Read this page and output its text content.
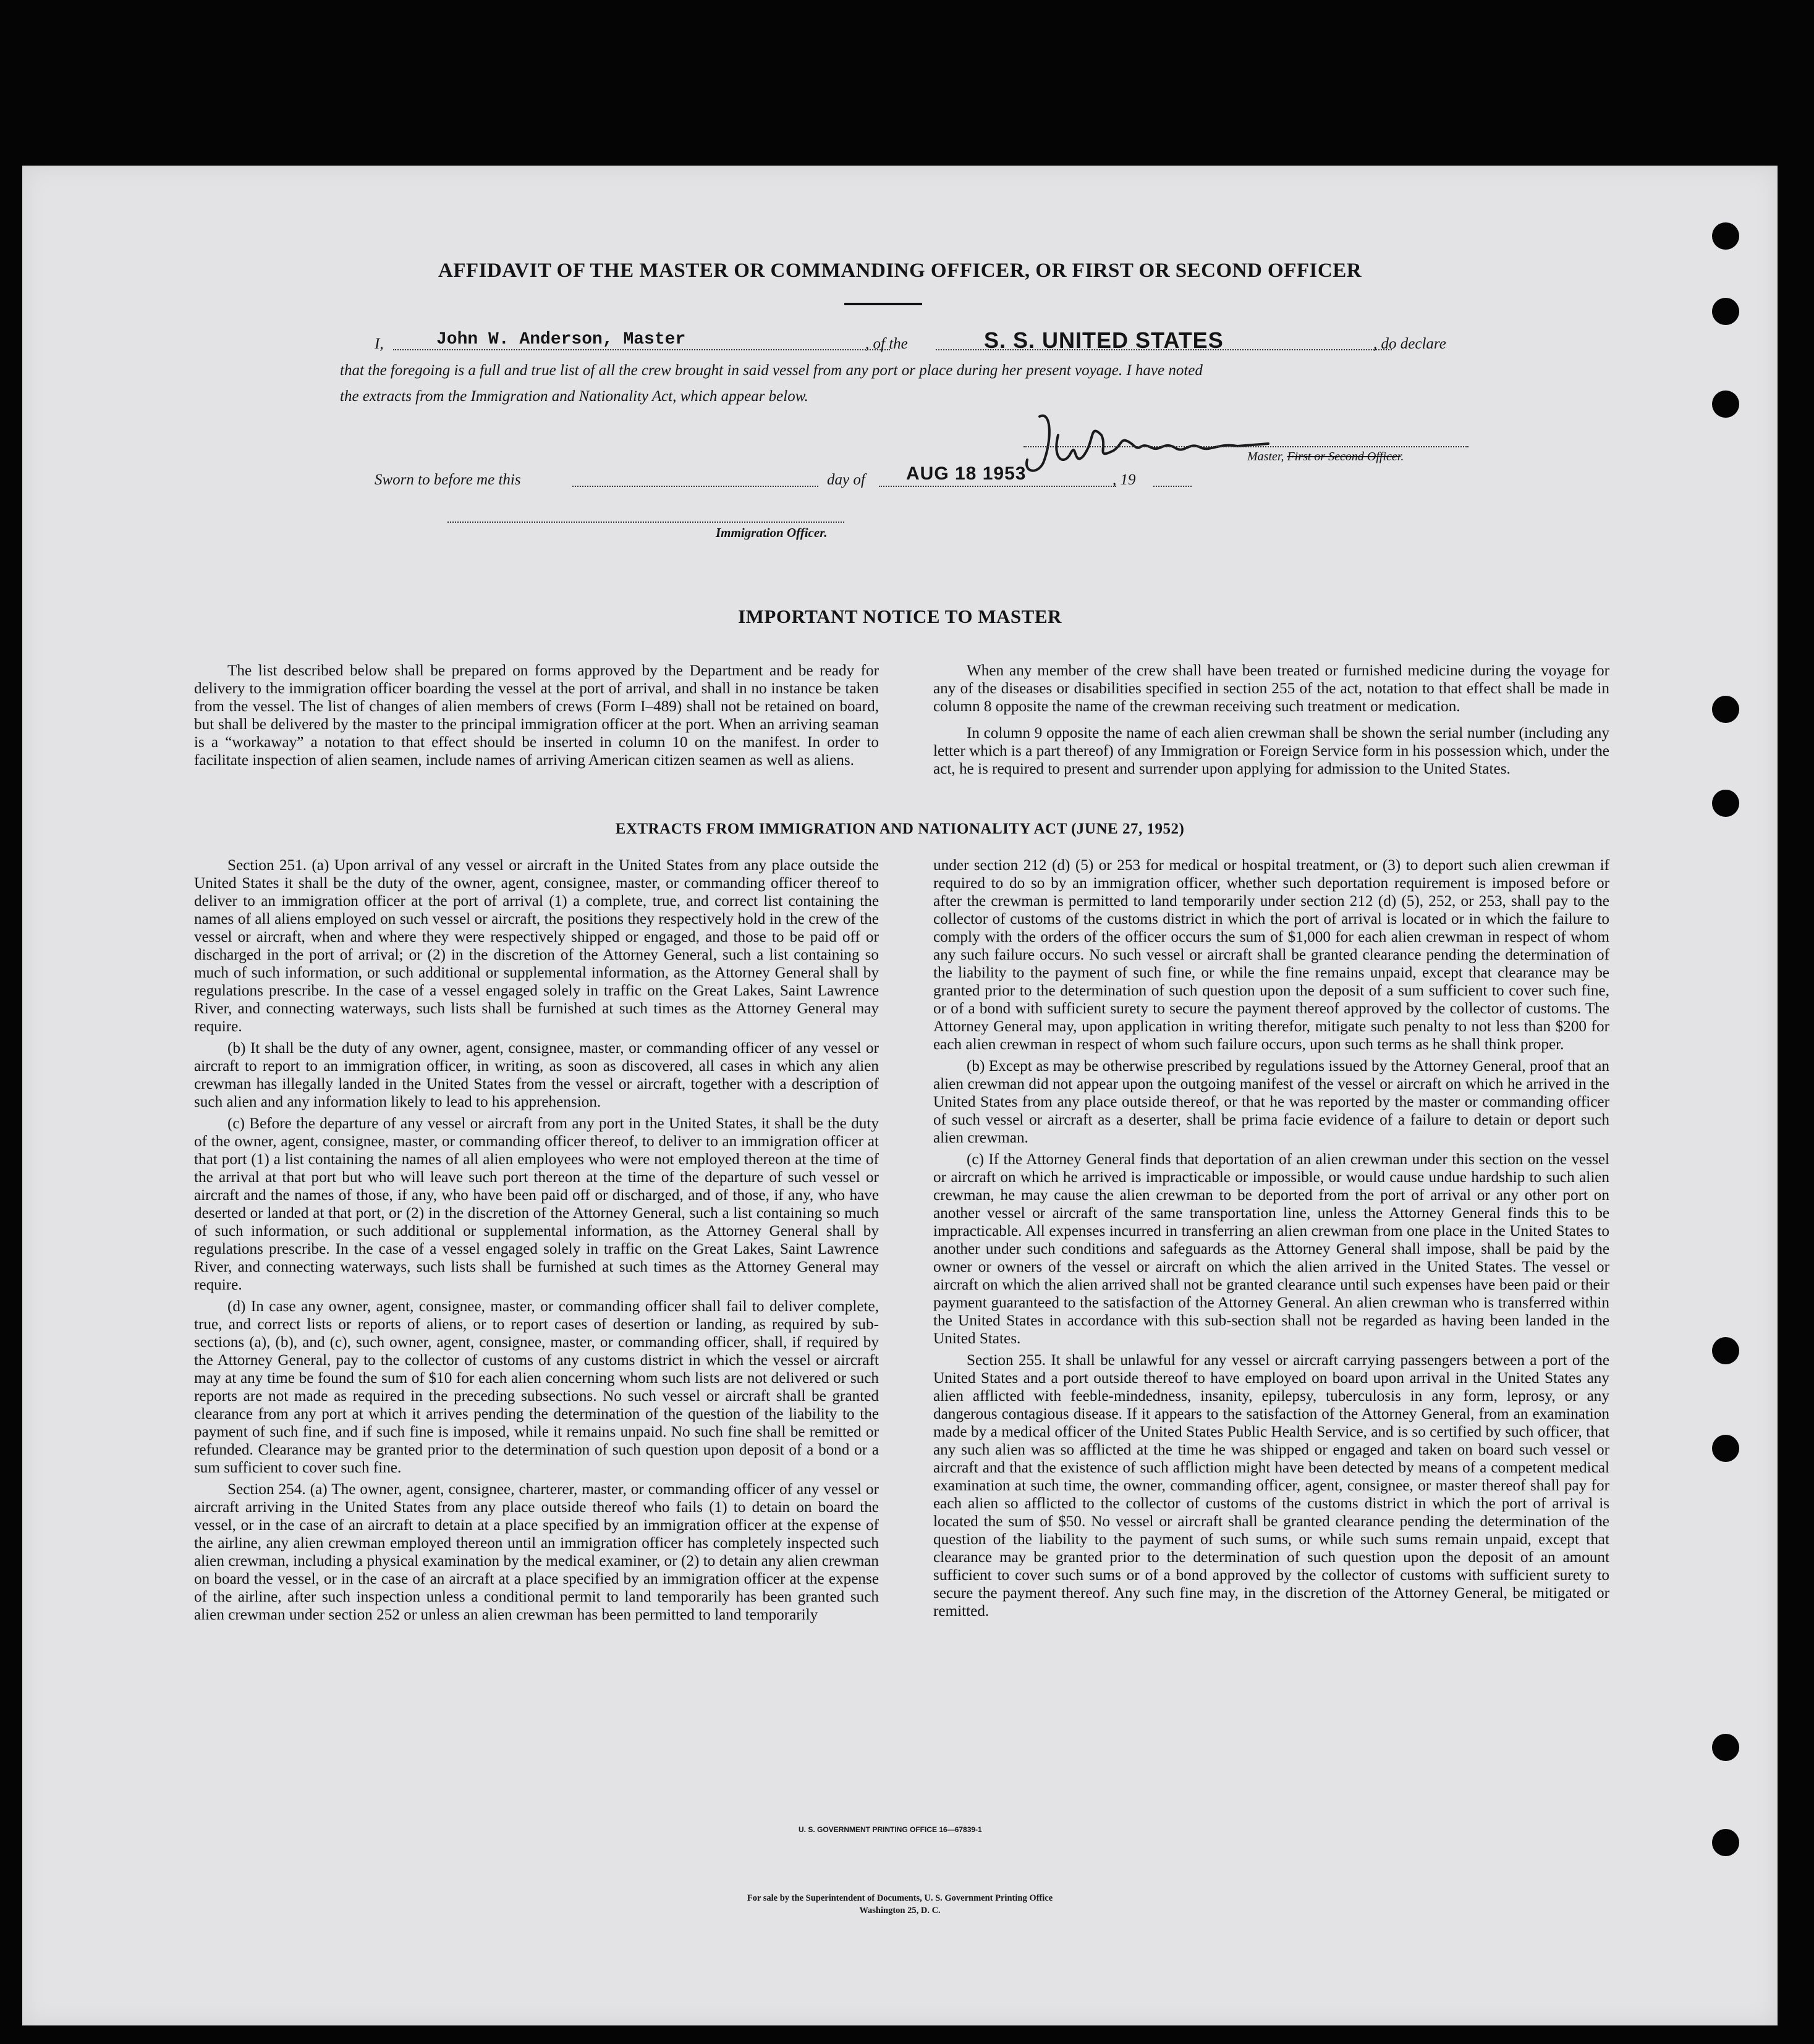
AFFIDAVIT OF THE MASTER OR COMMANDING OFFICER, OR FIRST OR SECOND OFFICER
I,	John W. Anderson, Master	, of the	S. S. UNITED STATES	, do declare
that the foregoing is a full and true list of all the crew brought in said vessel from any port or place during her present voyage. I have noted
the extracts from the Immigration and Nationality Act, which appear below.
Master, First or Second Officer.
Sworn to before me this	day of AUG 18 1953	, 19
Immigration Officer.
IMPORTANT NOTICE TO MASTER

The list described below shall be prepared on forms approved by the Department and be ready for delivery to the immigration officer boarding the vessel at the port of arrival, and shall in no instance be taken from the vessel. The list of changes of alien members of crews (Form I–489) shall not be retained on board, but shall be delivered by the master to the principal immigration officer at the port. When an arriving seaman is a “workaway” a notation to that effect should be inserted in column 10 on the manifest. In order to facilitate inspection of alien seamen, include names of arriving American citizen seamen as well as aliens.

When any member of the crew shall have been treated or furnished medicine during the voyage for any of the diseases or disabilities specified in section 255 of the act, notation to that effect shall be made in column 8 opposite the name of the crewman receiving such treatment or medication.

In column 9 opposite the name of each alien crewman shall be shown the serial number (including any letter which is a part thereof) of any Immigration or Foreign Service form in his possession which, under the act, he is required to present and surrender upon applying for admission to the United States.

EXTRACTS FROM IMMIGRATION AND NATIONALITY ACT (JUNE 27, 1952)

Section 251. (a) Upon arrival of any vessel or aircraft in the United States from any place outside the United States it shall be the duty of the owner, agent, consignee, master, or commanding officer thereof to deliver to an immigration officer at the port of arrival (1) a complete, true, and correct list containing the names of all aliens employed on such vessel or aircraft, the positions they respectively hold in the crew of the vessel or aircraft, when and where they were respectively shipped or engaged, and those to be paid off or discharged in the port of arrival; or (2) in the discretion of the Attorney General, such a list containing so much of such information, or such additional or supplemental information, as the Attorney General shall by regulations prescribe. In the case of a vessel engaged solely in traffic on the Great Lakes, Saint Lawrence River, and connecting waterways, such lists shall be furnished at such times as the Attorney General may require.

(b) It shall be the duty of any owner, agent, consignee, master, or commanding officer of any vessel or aircraft to report to an immigration officer, in writing, as soon as discovered, all cases in which any alien crewman has illegally landed in the United States from the vessel or aircraft, together with a description of such alien and any information likely to lead to his apprehension.

(c) Before the departure of any vessel or aircraft from any port in the United States, it shall be the duty of the owner, agent, consignee, master, or commanding officer thereof, to deliver to an immigration officer at that port (1) a list containing the names of all alien employees who were not employed thereon at the time of the arrival at that port but who will leave such port thereon at the time of the departure of such vessel or aircraft and the names of those, if any, who have been paid off or discharged, and of those, if any, who have deserted or landed at that port, or (2) in the discretion of the Attorney General, such a list containing so much of such information, or such additional or supplemental information, as the Attorney General shall by regulations prescribe. In the case of a vessel engaged solely in traffic on the Great Lakes, Saint Lawrence River, and connecting waterways, such lists shall be furnished at such times as the Attorney General may require.

(d) In case any owner, agent, consignee, master, or commanding officer shall fail to deliver complete, true, and correct lists or reports of aliens, or to report cases of desertion or landing, as required by sub-sections (a), (b), and (c), such owner, agent, consignee, master, or commanding officer, shall, if required by the Attorney General, pay to the collector of customs of any customs district in which the vessel or aircraft may at any time be found the sum of $10 for each alien concerning whom such lists are not delivered or such reports are not made as required in the preceding subsections. No such vessel or aircraft shall be granted clearance from any port at which it arrives pending the determination of the question of the liability to the payment of such fine, and if such fine is imposed, while it remains unpaid. No such fine shall be remitted or refunded. Clearance may be granted prior to the determination of such question upon deposit of a bond or a sum sufficient to cover such fine.

Section 254. (a) The owner, agent, consignee, charterer, master, or commanding officer of any vessel or aircraft arriving in the United States from any place outside thereof who fails (1) to detain on board the vessel, or in the case of an aircraft to detain at a place specified by an immigration officer at the expense of the airline, any alien crewman employed thereon until an immigration officer has completely inspected such alien crewman, including a physical examination by the medical examiner, or (2) to detain any alien crewman on board the vessel, or in the case of an aircraft at a place specified by an immigration officer at the expense of the airline, after such inspection unless a conditional permit to land temporarily has been granted such alien crewman under section 252 or unless an alien crewman has been permitted to land temporarily

under section 212 (d) (5) or 253 for medical or hospital treatment, or (3) to deport such alien crewman if required to do so by an immigration officer, whether such deportation requirement is imposed before or after the crewman is permitted to land temporarily under section 212 (d) (5), 252, or 253, shall pay to the collector of customs of the customs district in which the port of arrival is located or in which the failure to comply with the orders of the officer occurs the sum of $1,000 for each alien crewman in respect of whom any such failure occurs. No such vessel or aircraft shall be granted clearance pending the determination of the liability to the payment of such fine, or while the fine remains unpaid, except that clearance may be granted prior to the determination of such question upon the deposit of a sum sufficient to cover such fine, or of a bond with sufficient surety to secure the payment thereof approved by the collector of customs. The Attorney General may, upon application in writing therefor, mitigate such penalty to not less than $200 for each alien crewman in respect of whom such failure occurs, upon such terms as he shall think proper.

(b) Except as may be otherwise prescribed by regulations issued by the Attorney General, proof that an alien crewman did not appear upon the outgoing manifest of the vessel or aircraft on which he arrived in the United States from any place outside thereof, or that he was reported by the master or commanding officer of such vessel or aircraft as a deserter, shall be prima facie evidence of a failure to detain or deport such alien crewman.

(c) If the Attorney General finds that deportation of an alien crewman under this section on the vessel or aircraft on which he arrived is impracticable or impossible, or would cause undue hardship to such alien crewman, he may cause the alien crewman to be deported from the port of arrival or any other port on another vessel or aircraft of the same transportation line, unless the Attorney General finds this to be impracticable. All expenses incurred in transferring an alien crewman from one place in the United States to another under such conditions and safeguards as the Attorney General shall impose, shall be paid by the owner or owners of the vessel or aircraft on which the alien arrived in the United States. The vessel or aircraft on which the alien arrived shall not be granted clearance until such expenses have been paid or their payment guaranteed to the satisfaction of the Attorney General. An alien crewman who is transferred within the United States in accordance with this sub-section shall not be regarded as having been landed in the United States.

Section 255. It shall be unlawful for any vessel or aircraft carrying passengers between a port of the United States and a port outside thereof to have employed on board upon arrival in the United States any alien afflicted with feeble-mindedness, insanity, epilepsy, tuberculosis in any form, leprosy, or any dangerous contagious disease. If it appears to the satisfaction of the Attorney General, from an examination made by a medical officer of the United States Public Health Service, and is so certified by such officer, that any such alien was so afflicted at the time he was shipped or engaged and taken on board such vessel or aircraft and that the existence of such affliction might have been detected by means of a competent medical examination at such time, the owner, commanding officer, agent, consignee, or master thereof shall pay for each alien so afflicted to the collector of customs of the customs district in which the port of arrival is located the sum of $50. No vessel or aircraft shall be granted clearance pending the determination of the question of the liability to the payment of such sums, or while such sums remain unpaid, except that clearance may be granted prior to the determination of such question upon the deposit of an amount sufficient to cover such sums or of a bond approved by the collector of customs with sufficient surety to secure the payment thereof. Any such fine may, in the discretion of the Attorney General, be mitigated or remitted.

U. S. GOVERNMENT PRINTING OFFICE 16—67839-1
For sale by the Superintendent of Documents, U. S. Government Printing Office
Washington 25, D. C.
